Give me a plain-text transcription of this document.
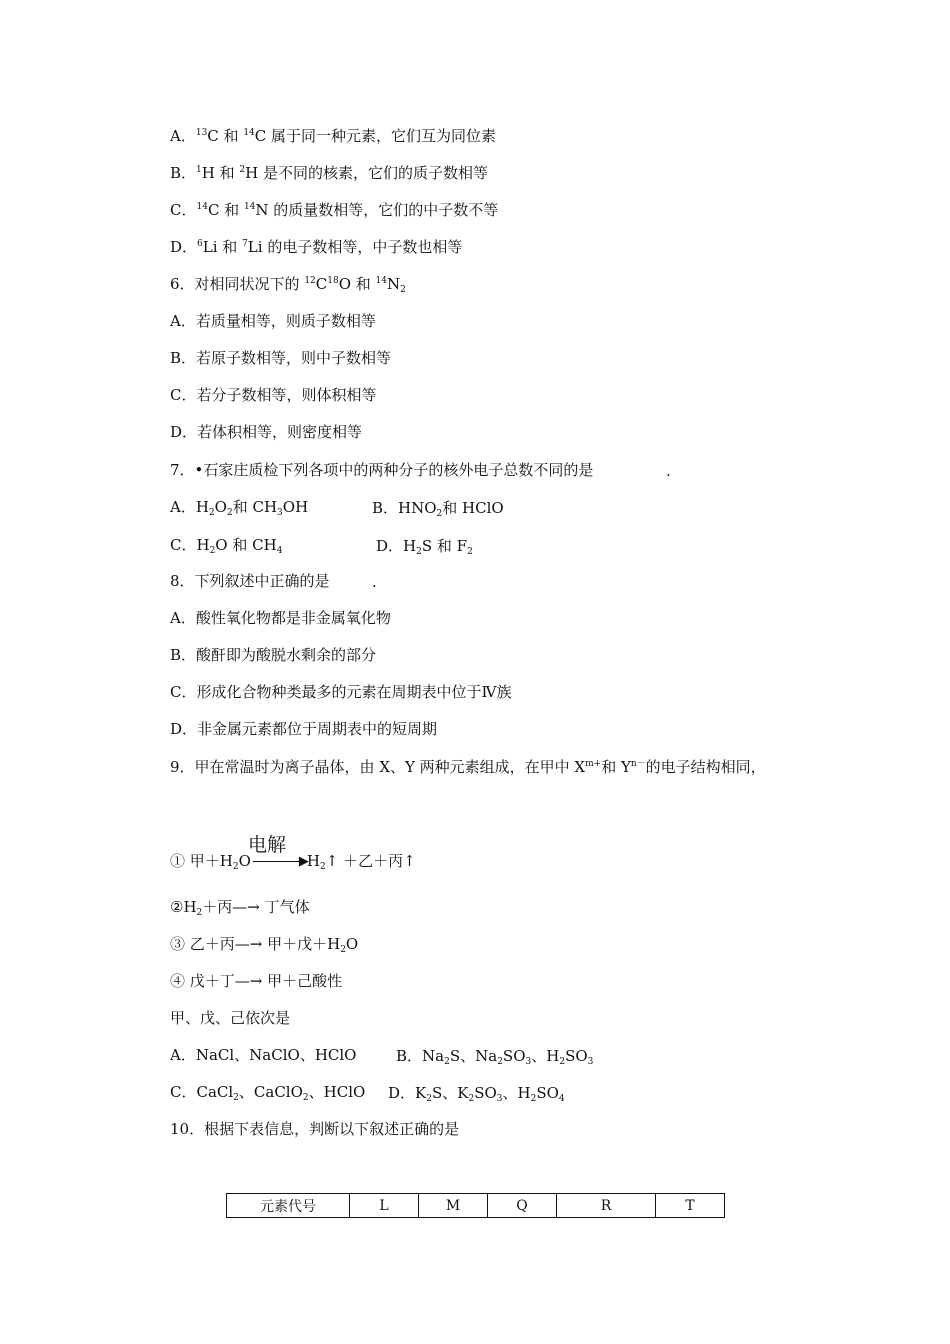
A．$^{13}$C 和 $^{14}$C 属于同一种元素，它们互为同位素
B．$^1$H 和 $^2$H 是不同的核素，它们的质子数相等
C．$^{14}$C 和 $^{14}$N 的质量数相等，它们的中子数不等
D．$^6$Li 和 $^7$Li 的电子数相等，中子数也相等
6．对相同状况下的 $^{12}C^{18}O$ 和 $^{14}N_2$
A．若质量相等，则质子数相等
B．若原子数相等，则中子数相等
C．若分子数相等，则体积相等
D．若体积相等，则密度相等
7．•石家庄质检下列各项中的两种分子的核外电子总数不同的是	.
A．$H_2O_2$和 $CH_3OH$	B．$HNO_2$和 HClO
C．$H_2O$ 和 $CH_4$	D．$H_2S$ 和 $F_2$
8．下列叙述中正确的是	.
A．酸性氧化物都是非金属氧化物
B．酸酐即为酸脱水剩余的部分
C．形成化合物种类最多的元素在周期表中位于Ⅳ族
D．非金属元素都位于周期表中的短周期
9．甲在常温时为离子晶体，由 X、Y 两种元素组成，在甲中 $X^{m+}$和 $Y^{n-}$的电子结构相同，
电解
① 甲$+H_2O$	▶
$H_2↑$ ＋乙＋丙↑
$②H_2+$丙—→ 丁气体
③ 乙＋丙—→ 甲＋戊$+H_2O$
④ 戊＋丁—→ 甲＋己酸性
甲、戊、己依次是
A．NaCl、NaClO、HClO	B．$Na_2S$、$Na_2SO_3$、$H_2SO_3$
C．CaCl$_2$、CaClO$_2$、HClO D．$K_2S$、$K_2SO_3$、$H_2SO_4$
10．根据下表信息，判断以下叙述正确的是
元素代号	L	M	Q	R	T
